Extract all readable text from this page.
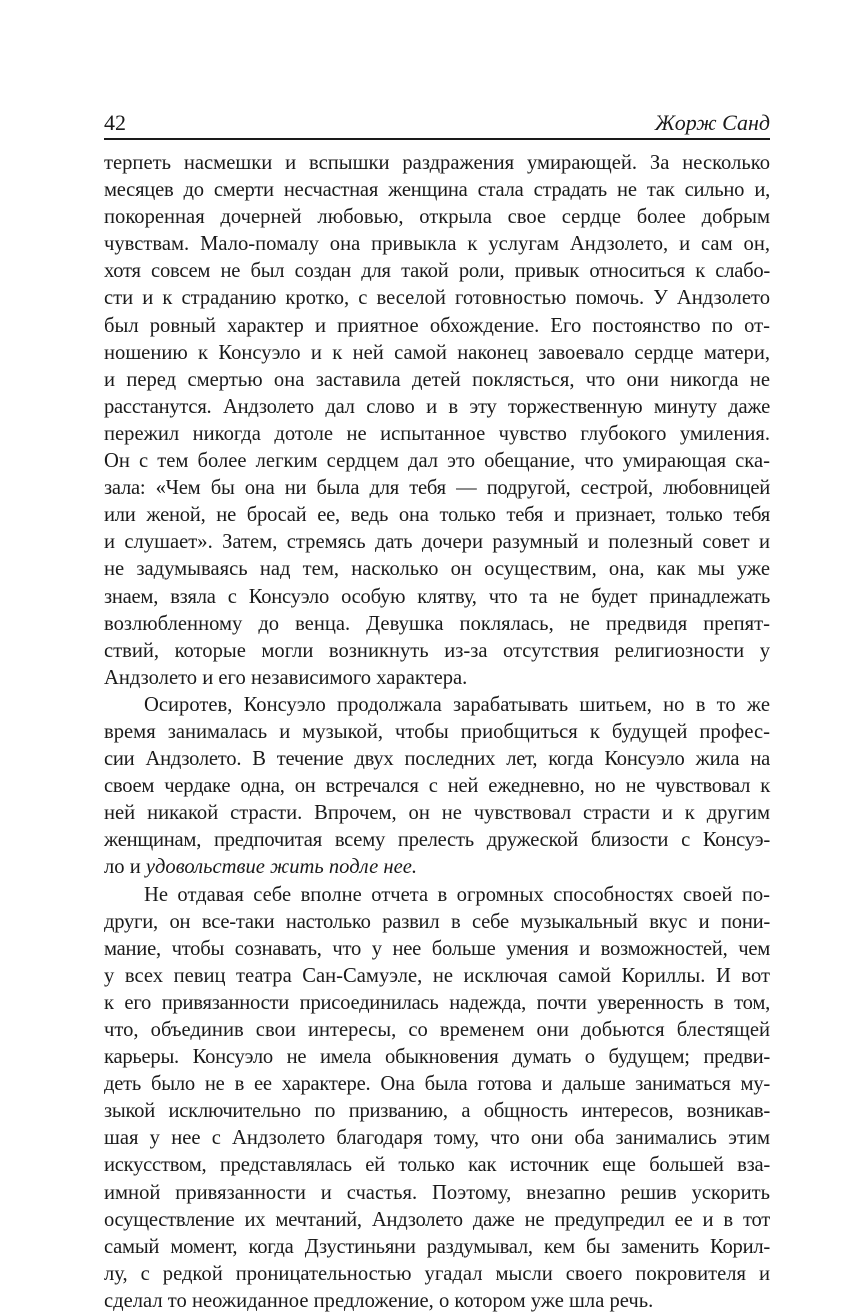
42	Жорж Санд
терпеть насмешки и вспышки раздражения умирающей. За несколько
месяцев до смерти несчастная женщина стала страдать не так сильно и,
покоренная дочерней любовью, открыла свое сердце более добрым
чувствам. Мало-помалу она привыкла к услугам Андзолето, и сам он,
хотя совсем не был создан для такой роли, привык относиться к слабо-
сти и к страданию кротко, с веселой готовностью помочь. У Андзолето
был ровный характер и приятное обхождение. Его постоянство по от-
ношению к Консуэло и к ней самой наконец завоевало сердце матери,
и перед смертью она заставила детей поклясться, что они никогда не
расстанутся. Андзолето дал слово и в эту торжественную минуту даже
пережил никогда дотоле не испытанное чувство глубокого умиления.
Он с тем более легким сердцем дал это обещание, что умирающая ска-
зала: «Чем бы она ни была для тебя — подругой, сестрой, любовницей
или женой, не бросай ее, ведь она только тебя и признает, только тебя
и слушает». Затем, стремясь дать дочери разумный и полезный совет и
не задумываясь над тем, насколько он осуществим, она, как мы уже
знаем, взяла с Консуэло особую клятву, что та не будет принадлежать
возлюбленному до венца. Девушка поклялась, не предвидя препят-
ствий, которые могли возникнуть из-за отсутствия религиозности у
Андзолето и его независимого характера.
Осиротев, Консуэло продолжала зарабатывать шитьем, но в то же
время занималась и музыкой, чтобы приобщиться к будущей профес-
сии Андзолето. В течение двух последних лет, когда Консуэло жила на
своем чердаке одна, он встречался с ней ежедневно, но не чувствовал к
ней никакой страсти. Впрочем, он не чувствовал страсти и к другим
женщинам, предпочитая всему прелесть дружеской близости с Консуэ-
ло и удовольствие жить подле нее.
Не отдавая себе вполне отчета в огромных способностях своей по-
други, он все-таки настолько развил в себе музыкальный вкус и пони-
мание, чтобы сознавать, что у нее больше умения и возможностей, чем
у всех певиц театра Сан-Самуэле, не исключая самой Кориллы. И вот
к его привязанности присоединилась надежда, почти уверенность в том,
что, объединив свои интересы, со временем они добьются блестящей
карьеры. Консуэло не имела обыкновения думать о будущем; предви-
деть было не в ее характере. Она была готова и дальше заниматься му-
зыкой исключительно по призванию, а общность интересов, возникав-
шая у нее с Андзолето благодаря тому, что они оба занимались этим
искусством, представлялась ей только как источник еще большей вза-
имной привязанности и счастья. Поэтому, внезапно решив ускорить
осуществление их мечтаний, Андзолето даже не предупредил ее и в тот
самый момент, когда Дзустиньяни раздумывал, кем бы заменить Корил-
лу, с редкой проницательностью угадал мысли своего покровителя и
сделал то неожиданное предложение, о котором уже шла речь.
